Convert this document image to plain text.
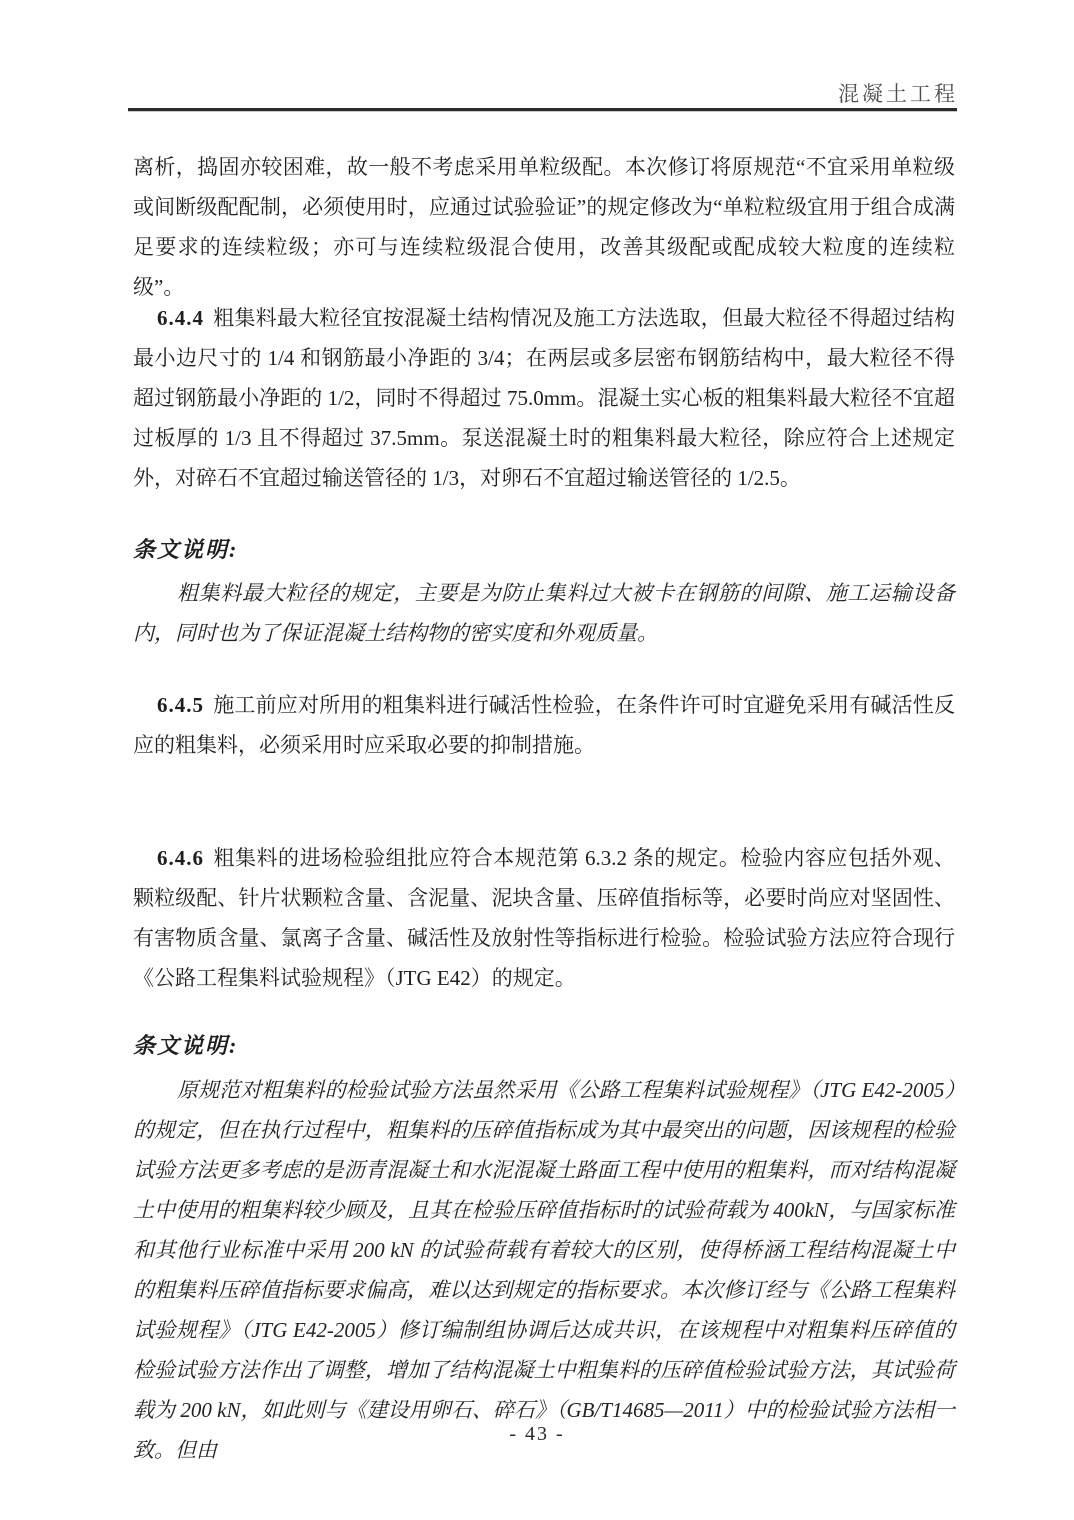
混凝土工程

离析，捣固亦较困难，故一般不考虑采用单粒级配。本次修订将原规范“不宜采用单粒级或间断级配配制，必须使用时，应通过试验验证”的规定修改为“单粒粒级宜用于组合成满足要求的连续粒级；亦可与连续粒级混合使用，改善其级配或配成较大粒度的连续粒级”。

6.4.4 粗集料最大粒径宜按混凝土结构情况及施工方法选取，但最大粒径不得超过结构最小边尺寸的 1/4 和钢筋最小净距的 3/4；在两层或多层密布钢筋结构中，最大粒径不得超过钢筋最小净距的 1/2，同时不得超过 75.0mm。混凝土实心板的粗集料最大粒径不宜超过板厚的 1/3 且不得超过 37.5mm。泵送混凝土时的粗集料最大粒径，除应符合上述规定外，对碎石不宜超过输送管径的 1/3，对卵石不宜超过输送管径的 1/2.5。

条文说明:

粗集料最大粒径的规定，主要是为防止集料过大被卡在钢筋的间隙、施工运输设备内，同时也为了保证混凝土结构物的密实度和外观质量。

6.4.5 施工前应对所用的粗集料进行碱活性检验，在条件许可时宜避免采用有碱活性反应的粗集料，必须采用时应采取必要的抑制措施。

6.4.6 粗集料的进场检验组批应符合本规范第 6.3.2 条的规定。检验内容应包括外观、颗粒级配、针片状颗粒含量、含泥量、泥块含量、压碎值指标等，必要时尚应对坚固性、有害物质含量、氯离子含量、碱活性及放射性等指标进行检验。检验试验方法应符合现行《公路工程集料试验规程》（JTG E42）的规定。

条文说明:

原规范对粗集料的检验试验方法虽然采用《公路工程集料试验规程》（JTG E42-2005）的规定，但在执行过程中，粗集料的压碎值指标成为其中最突出的问题，因该规程的检验试验方法更多考虑的是沥青混凝土和水泥混凝土路面工程中使用的粗集料，而对结构混凝土中使用的粗集料较少顾及，且其在检验压碎值指标时的试验荷载为 400kN，与国家标准和其他行业标准中采用 200 kN 的试验荷载有着较大的区别，使得桥涵工程结构混凝土中的粗集料压碎值指标要求偏高，难以达到规定的指标要求。本次修订经与《公路工程集料试验规程》（JTG E42-2005）修订编制组协调后达成共识，在该规程中对粗集料压碎值的检验试验方法作出了调整，增加了结构混凝土中粗集料的压碎值检验试验方法，其试验荷载为 200 kN，如此则与《建设用卵石、碎石》（GB/T14685—2011）中的检验试验方法相一致。但由

- 43 -
